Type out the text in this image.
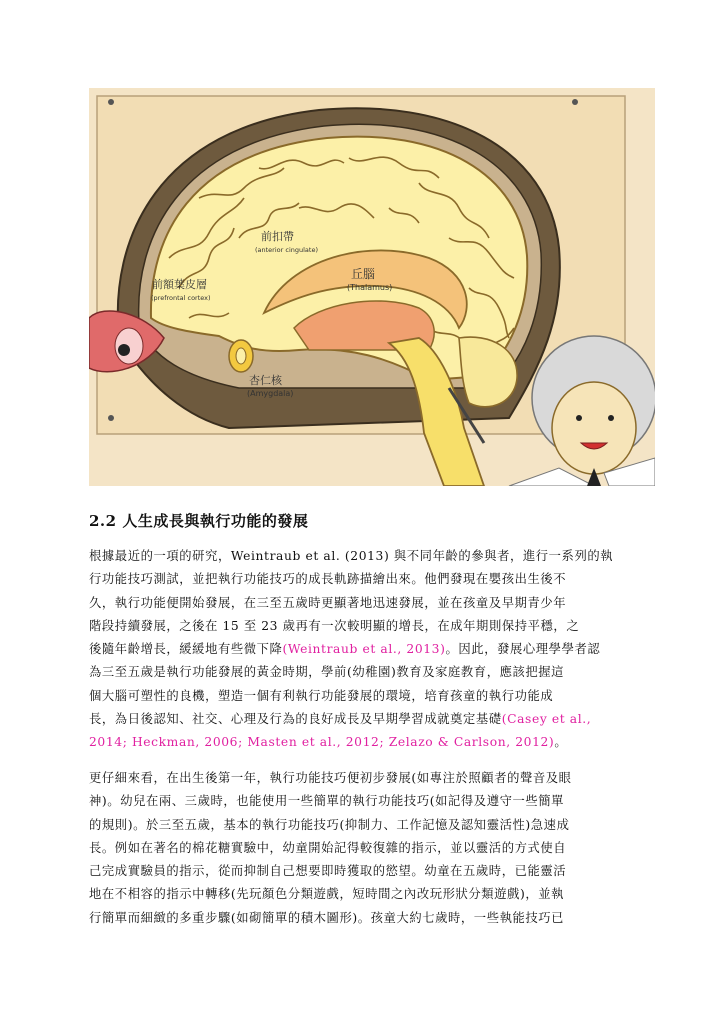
前扣帶
(anterior cingulate)
前額葉皮層
(prefrontal cortex)
丘腦
(Thalamus)
杏仁核
(Amygdala)
2.2 人生成長與執行功能的發展
根據最近的一項的研究，Weintraub et al. (2013) 與不同年齡的參與者，進行一系列的執
行功能技巧測試，並把執行功能技巧的成長軌跡描繪出來。他們發現在嬰孩出生後不
久，執行功能便開始發展，在三至五歲時更顯著地迅速發展，並在孩童及早期青少年
階段持續發展，之後在 15 至 23 歲再有一次較明顯的增長，在成年期則保持平穩，之
後隨年齡增長，緩緩地有些微下降(Weintraub et al., 2013)。因此，發展心理學學者認
為三至五歲是執行功能發展的黃金時期，學前(幼稚園)教育及家庭教育，應該把握這
個大腦可塑性的良機，塑造一個有利執行功能發展的環境，培育孩童的執行功能成
長，為日後認知、社交、心理及行為的良好成長及早期學習成就奠定基礎(Casey et al.,
2014; Heckman, 2006; Masten et al., 2012; Zelazo & Carlson, 2012)。
更仔細來看，在出生後第一年，執行功能技巧便初步發展(如專注於照顧者的聲音及眼
神)。幼兒在兩、三歲時，也能使用一些簡單的執行功能技巧(如記得及遵守一些簡單
的規則)。於三至五歲，基本的執行功能技巧(抑制力、工作記憶及認知靈活性)急速成
長。例如在著名的棉花糖實驗中，幼童開始記得較復雜的指示，並以靈活的方式使自
己完成實驗員的指示，從而抑制自己想要即時獲取的慾望。幼童在五歲時，已能靈活
地在不相容的指示中轉移(先玩顏色分類遊戲，短時間之內改玩形狀分類遊戲)，並執
行簡單而細緻的多重步驟(如砌簡單的積木圖形)。孩童大約七歲時，一些執能技巧已
